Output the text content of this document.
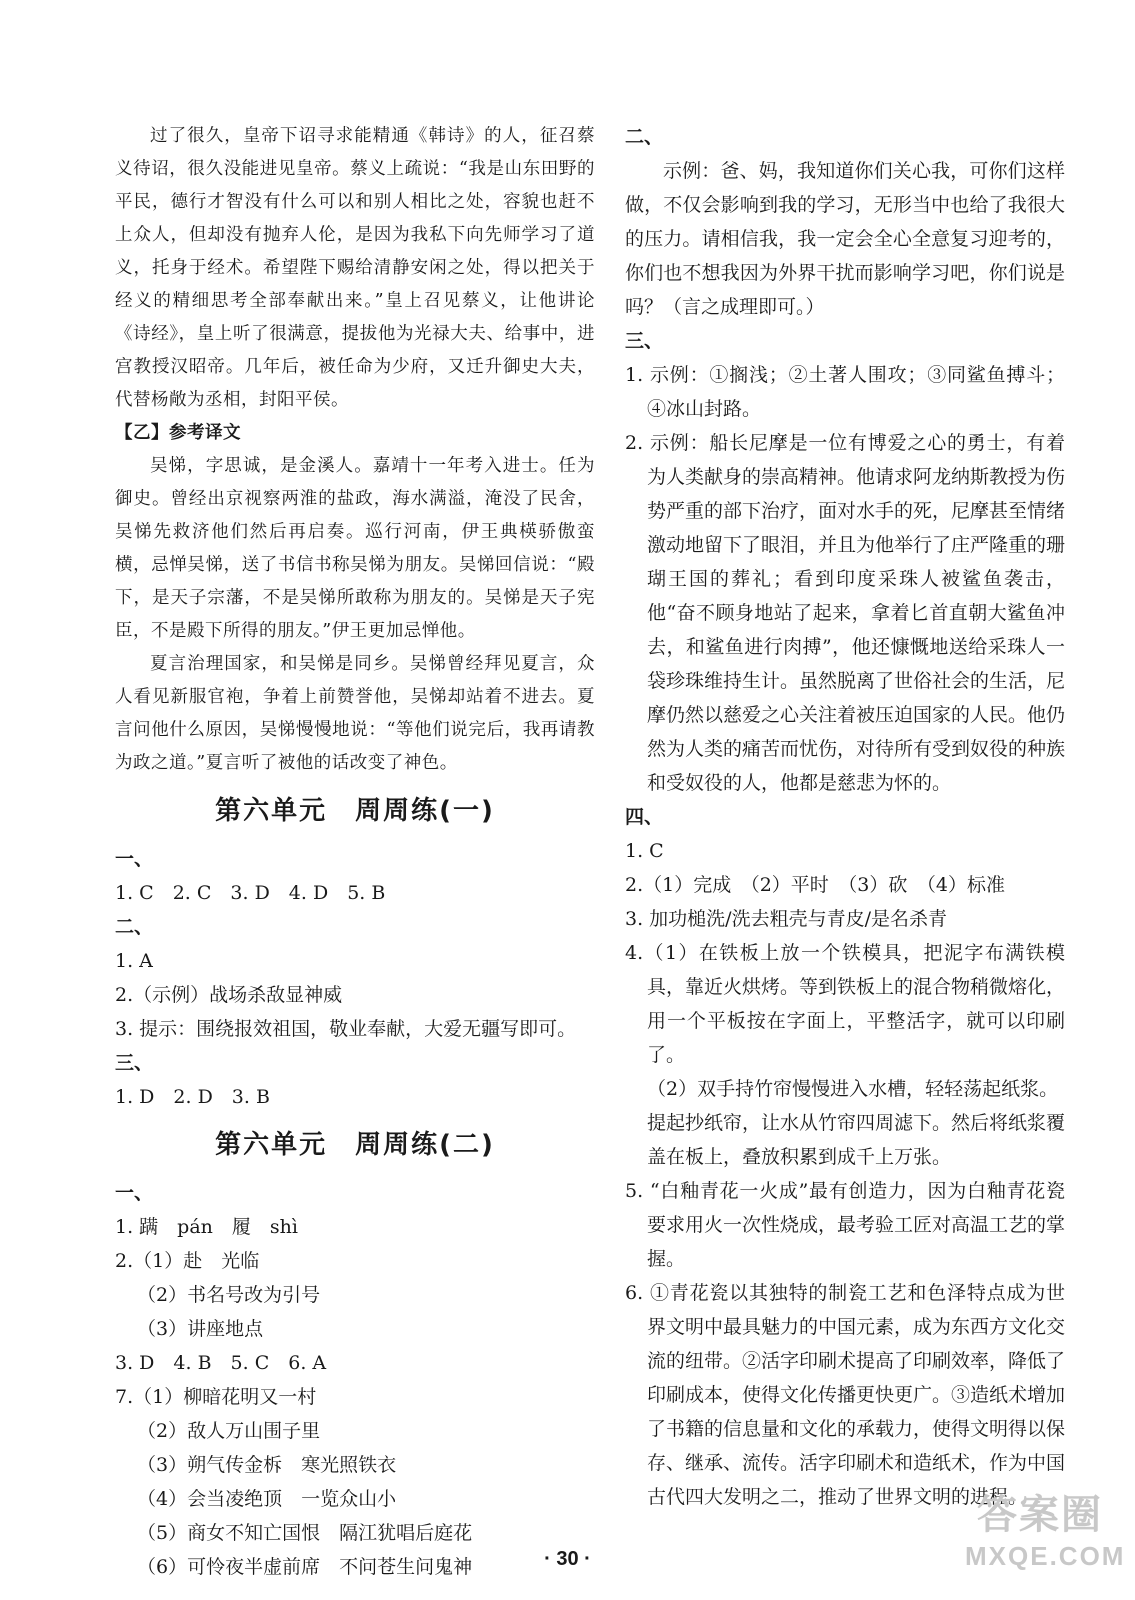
过了很久，皇帝下诏寻求能精通《韩诗》的人，征召蔡义待诏，很久没能进见皇帝。蔡义上疏说：“我是山东田野的平民，德行才智没有什么可以和别人相比之处，容貌也赶不上众人，但却没有抛弃人伦，是因为我私下向先师学习了道义，托身于经术。希望陛下赐给清静安闲之处，得以把关于经义的精细思考全部奉献出来。”皇上召见蔡义，让他讲论《诗经》，皇上听了很满意，提拔他为光禄大夫、给事中，进宫教授汉昭帝。几年后，被任命为少府，又迁升御史大夫，代替杨敞为丞相，封阳平侯。

【乙】参考译文

吴悌，字思诚，是金溪人。嘉靖十一年考入进士。任为御史。曾经出京视察两淮的盐政，海水满溢，淹没了民舍，吴悌先救济他们然后再启奏。巡行河南，伊王典楧骄傲蛮横，忌惮吴悌，送了书信书称吴悌为朋友。吴悌回信说：“殿下，是天子宗藩，不是吴悌所敢称为朋友的。吴悌是天子宪臣，不是殿下所得的朋友。”伊王更加忌惮他。

夏言治理国家，和吴悌是同乡。吴悌曾经拜见夏言，众人看见新服官袍，争着上前赞誉他，吴悌却站着不进去。夏言问他什么原因，吴悌慢慢地说：“等他们说完后，我再请教为政之道。”夏言听了被他的话改变了神色。

第六单元　周周练(一)
一、
1. C　2. C　3. D　4. D　5. B
二、
1. A
2.（示例）战场杀敌显神威
3. 提示：围绕报效祖国，敬业奉献，大爱无疆写即可。
三、
1. D　2. D　3. B
第六单元　周周练(二)
一、
1. 蹒　pán　履　shì
2.（1）赴　光临
（2）书名号改为引号
（3）讲座地点
3. D　4. B　5. C　6. A
7.（1）柳暗花明又一村
（2）敌人万山围子里
（3）朔气传金柝　寒光照铁衣
（4）会当凌绝顶　一览众山小
（5）商女不知亡国恨　隔江犹唱后庭花
（6）可怜夜半虚前席　不问苍生问鬼神
二、
示例：爸、妈，我知道你们关心我，可你们这样做，不仅会影响到我的学习，无形当中也给了我很大的压力。请相信我，我一定会全心全意复习迎考的，你们也不想我因为外界干扰而影响学习吧，你们说是吗？（言之成理即可。）
三、
1. 示例：①搁浅；②土著人围攻；③同鲨鱼搏斗；④冰山封路。
2. 示例：船长尼摩是一位有博爱之心的勇士，有着为人类献身的崇高精神。他请求阿龙纳斯教授为伤势严重的部下治疗，面对水手的死，尼摩甚至情绪激动地留下了眼泪，并且为他举行了庄严隆重的珊瑚王国的葬礼；看到印度采珠人被鲨鱼袭击，他“奋不顾身地站了起来，拿着匕首直朝大鲨鱼冲去，和鲨鱼进行肉搏”，他还慷慨地送给采珠人一袋珍珠维持生计。虽然脱离了世俗社会的生活，尼摩仍然以慈爱之心关注着被压迫国家的人民。他仍然为人类的痛苦而忧伤，对待所有受到奴役的种族和受奴役的人，他都是慈悲为怀的。
四、
1. C
2.（1）完成　（2）平时　（3）砍　（4）标准
3. 加功槌洗/洗去粗壳与青皮/是名杀青
4.（1）在铁板上放一个铁模具，把泥字布满铁模具，靠近火烘烤。等到铁板上的混合物稍微熔化，用一个平板按在字面上，平整活字，就可以印刷了。
（2）双手持竹帘慢慢进入水槽，轻轻荡起纸浆。提起抄纸帘，让水从竹帘四周滤下。然后将纸浆覆盖在板上，叠放积累到成千上万张。
5. “白釉青花一火成”最有创造力，因为白釉青花瓷要求用火一次性烧成，最考验工匠对高温工艺的掌握。
6. ①青花瓷以其独特的制瓷工艺和色泽特点成为世界文明中最具魅力的中国元素，成为东西方文化交流的纽带。②活字印刷术提高了印刷效率，降低了印刷成本，使得文化传播更快更广。③造纸术增加了书籍的信息量和文化的承载力，使得文明得以保存、继承、流传。活字印刷术和造纸术，作为中国古代四大发明之二，推动了世界文明的进程。
· 30 ·
答案圈
MXQE.COM
